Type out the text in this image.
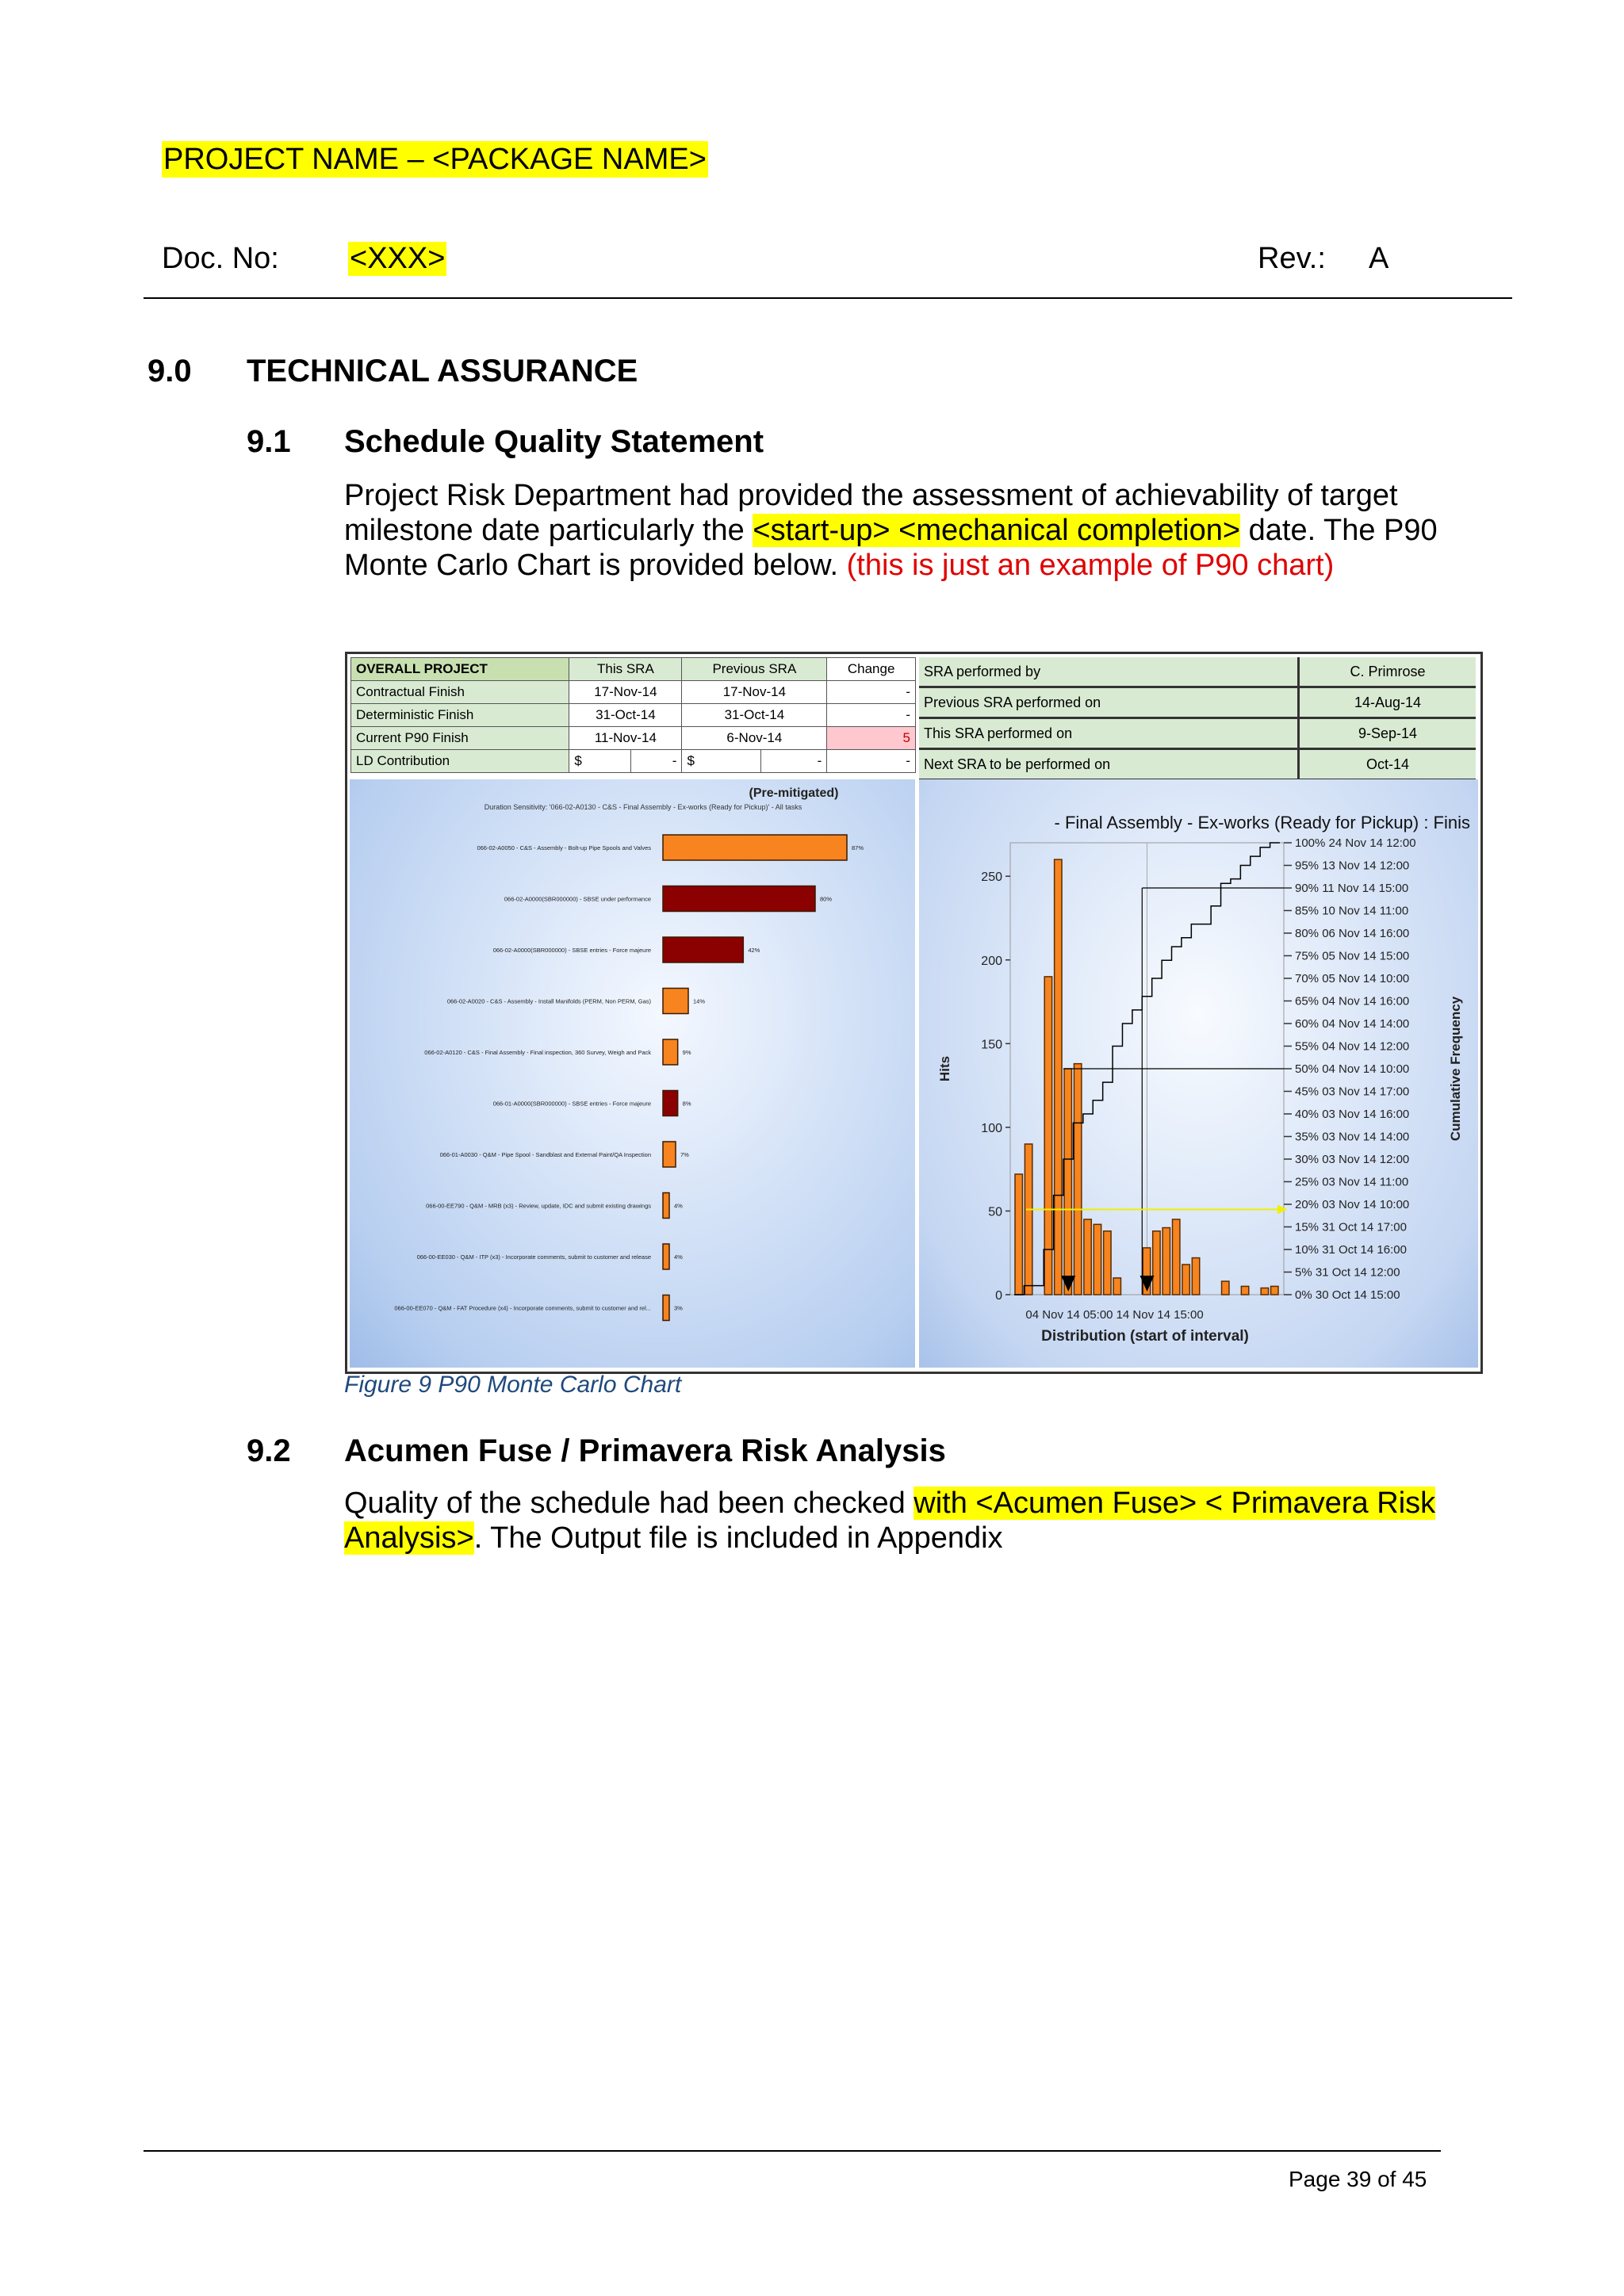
PROJECT NAME – <PACKAGE NAME>
Doc. No: <XXX>	Rev.: A
9.0 TECHNICAL ASSURANCE
9.1 Schedule Quality Statement
Project Risk Department had provided the assessment of achievability of target milestone date particularly the <start-up> <mechanical completion> date. The P90 Monte Carlo Chart is provided below. (this is just an example of P90 chart)
OVERALL PROJECT	This SRA		Previous SRA		Change
Contractual Finish	17-Nov-14		17-Nov-14		-
Deterministic Finish	31-Oct-14		31-Oct-14		-
Current P90 Finish	11-Nov-14		6-Nov-14		5
LD Contribution	$	-	$	-	-
SRA performed by	C. Primrose
Previous SRA performed on	14-Aug-14
This SRA performed on	9-Sep-14
Next SRA to be performed on	Oct-14
(Pre-mitigated)
Duration Sensitivity: '066-02-A0130 - C&S - Final Assembly - Ex-works (Ready for Pickup)' - All tasks
066-02-A0050 - C&S - Assembly - Bolt-up Pipe Spools and Valves	87%
066-02-A0000(SBR000000) - SBSE under performance	80%
066-02-A0000(SBR000000) - SBSE entries - Force majeure	42%
066-02-A0020 - C&S - Assembly - Install Manifolds (PERM, Non PERM, Gas)	14%
066-02-A0120 - C&S - Final Assembly - Final inspection, 360 Survey, Weigh and Pack	9%
066-01-A0000(SBR000000) - SBSE entries - Force majeure	8%
066-01-A0030 - Q&M - Pipe Spool - Sandblast and External Paint/QA Inspection	7%
066-00-EE790 - Q&M - MRB (x3) - Review, update, IDC and submit existing drawings	4%
066-00-EE030 - Q&M - ITP (x3) - Incorporate comments, submit to customer and release	4%
066-00-EE070 - Q&M - FAT Procedure (x4) - Incorporate comments, submit to customer and rel...	3%
- Final Assembly - Ex-works (Ready for Pickup) : Finis
0
50
100
150
200
250
Hits
04 Nov 14 05:00 14 Nov 14 15:00
Distribution (start of interval)
100% 24 Nov 14 12:00
95% 13 Nov 14 12:00
90% 11 Nov 14 15:00
85% 10 Nov 14 11:00
80% 06 Nov 14 16:00
75% 05 Nov 14 15:00
70% 05 Nov 14 10:00
65% 04 Nov 14 16:00
60% 04 Nov 14 14:00
55% 04 Nov 14 12:00
50% 04 Nov 14 10:00
45% 03 Nov 14 17:00
40% 03 Nov 14 16:00
35% 03 Nov 14 14:00
30% 03 Nov 14 12:00
25% 03 Nov 14 11:00
20% 03 Nov 14 10:00
15% 31 Oct 14 17:00
10% 31 Oct 14 16:00
5% 31 Oct 14 12:00
0% 30 Oct 14 15:00
Cumulative Frequency
Figure 9 P90 Monte Carlo Chart
9.2 Acumen Fuse / Primavera Risk Analysis
Quality of the schedule had been checked with <Acumen Fuse> < Primavera Risk
Analysis>. The Output file is included in Appendix
Page 39 of 45
